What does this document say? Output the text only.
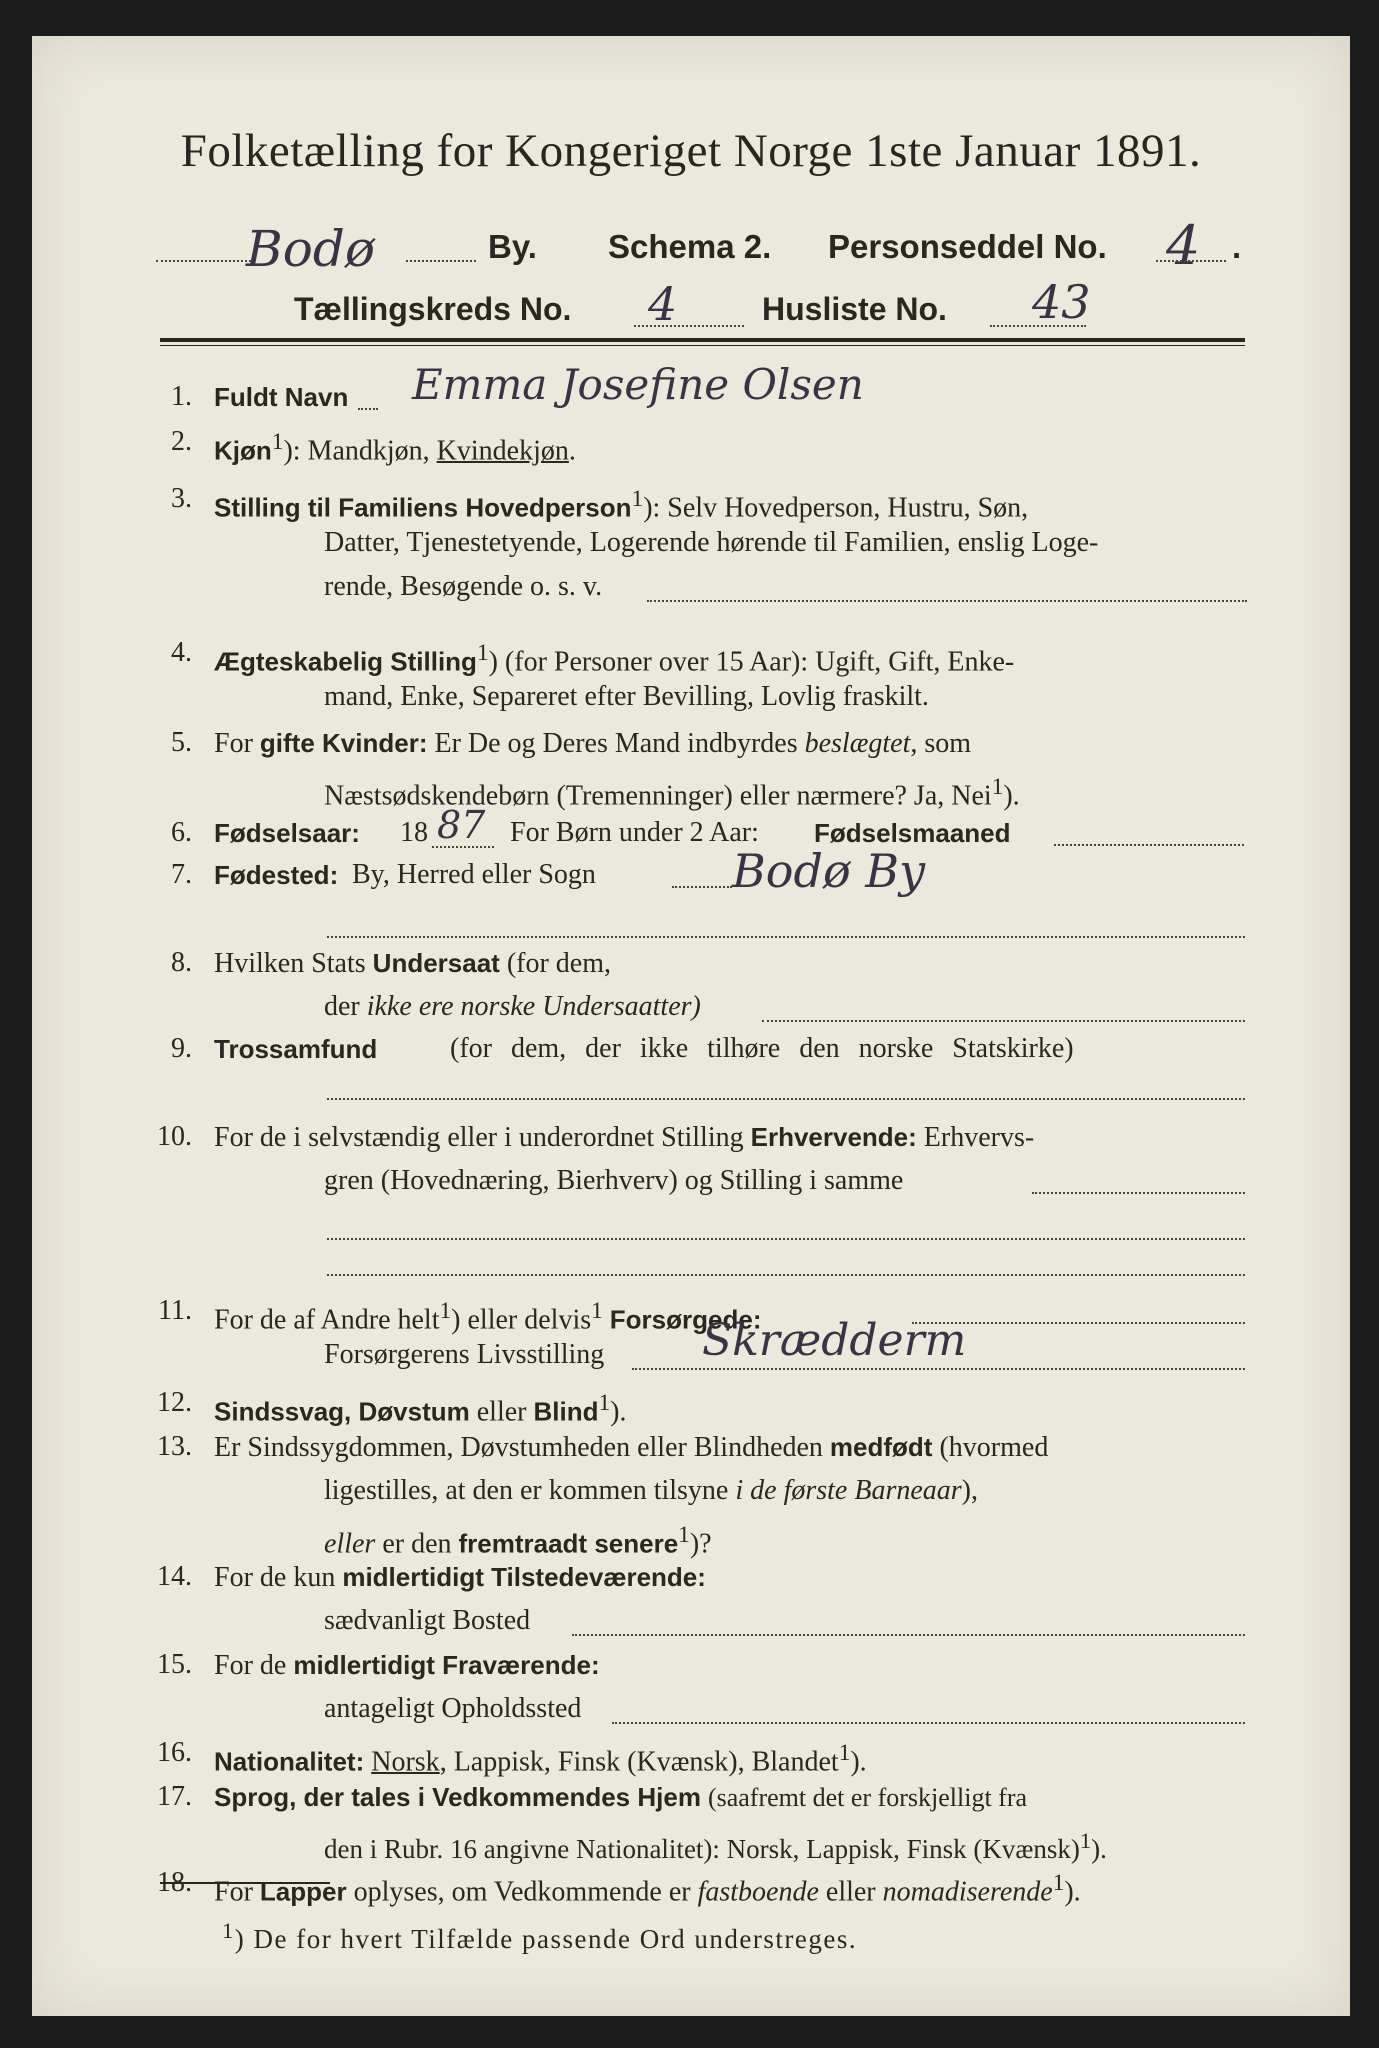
Folketælling for Kongeriget Norge 1ste Januar 1891.
Bodø	By. Schema 2. Personseddel No. 4 .
Tællingskreds No. 4	Husliste No. 43
1. Fuldt Navn Emma Josefine Olsen
2. Kjøn$^1$): Mandkjøn, Kvindekjøn.
3. Stilling til Familiens Hovedperson$^1$): Selv Hovedperson, Hustru, Søn,
Datter, Tjenestetyende, Logerende hørende til Familien, enslig Loge-
rende, Besøgende o. s. v.
4. Ægteskabelig Stilling$^1$) (for Personer over 15 Aar): Ugift, Gift, Enke-
mand, Enke, Separeret efter Bevilling, Lovlig fraskilt.
5. For gifte Kvinder: Er De og Deres Mand indbyrdes beslægtet, som
Næstsødskendebørn (Tremenninger) eller nærmere? Ja, Nei$^1$).
6. Fødselsaar: 18 87 For Børn under 2 Aar: Fødselsmaaned
7. Fødested: By, Herred eller Sogn	Bodø By
8. Hvilken Stats Undersaat (for dem,
der ikke ere norske Undersaatter)
9. Trossamfund	(for dem, der ikke tilhøre den norske Statskirke)
10. For de i selvstændig eller i underordnet Stilling Erhvervende: Erhvervs-
gren (Hovednæring, Bierhverv) og Stilling i samme
11. For de af Andre helt$^1$) eller delvis$^1$ Forsørgede:
Forsørgerens Livsstilling Skrædderm
12. Sindssvag, Døvstum eller Blind$^1$).
13. Er Sindssygdommen, Døvstumheden eller Blindheden medfødt (hvormed
ligestilles, at den er kommen tilsyne i de første Barneaar),
eller er den fremtraadt senere$^1$)?
14. For de kun midlertidigt Tilstedeværende:
sædvanligt Bosted
15. For de midlertidigt Fraværende:
antageligt Opholdssted
16. Nationalitet: Norsk, Lappisk, Finsk (Kvænsk), Blandet$^1$).
17. Sprog, der tales i Vedkommendes Hjem (saafremt det er forskjelligt fra
den i Rubr. 16 angivne Nationalitet): Norsk, Lappisk, Finsk (Kvænsk)$^1$).
18. For Lapper oplyses, om Vedkommende er fastboende eller nomadiserende$^1$).
$^1$) De for hvert Tilfælde passende Ord understreges.
